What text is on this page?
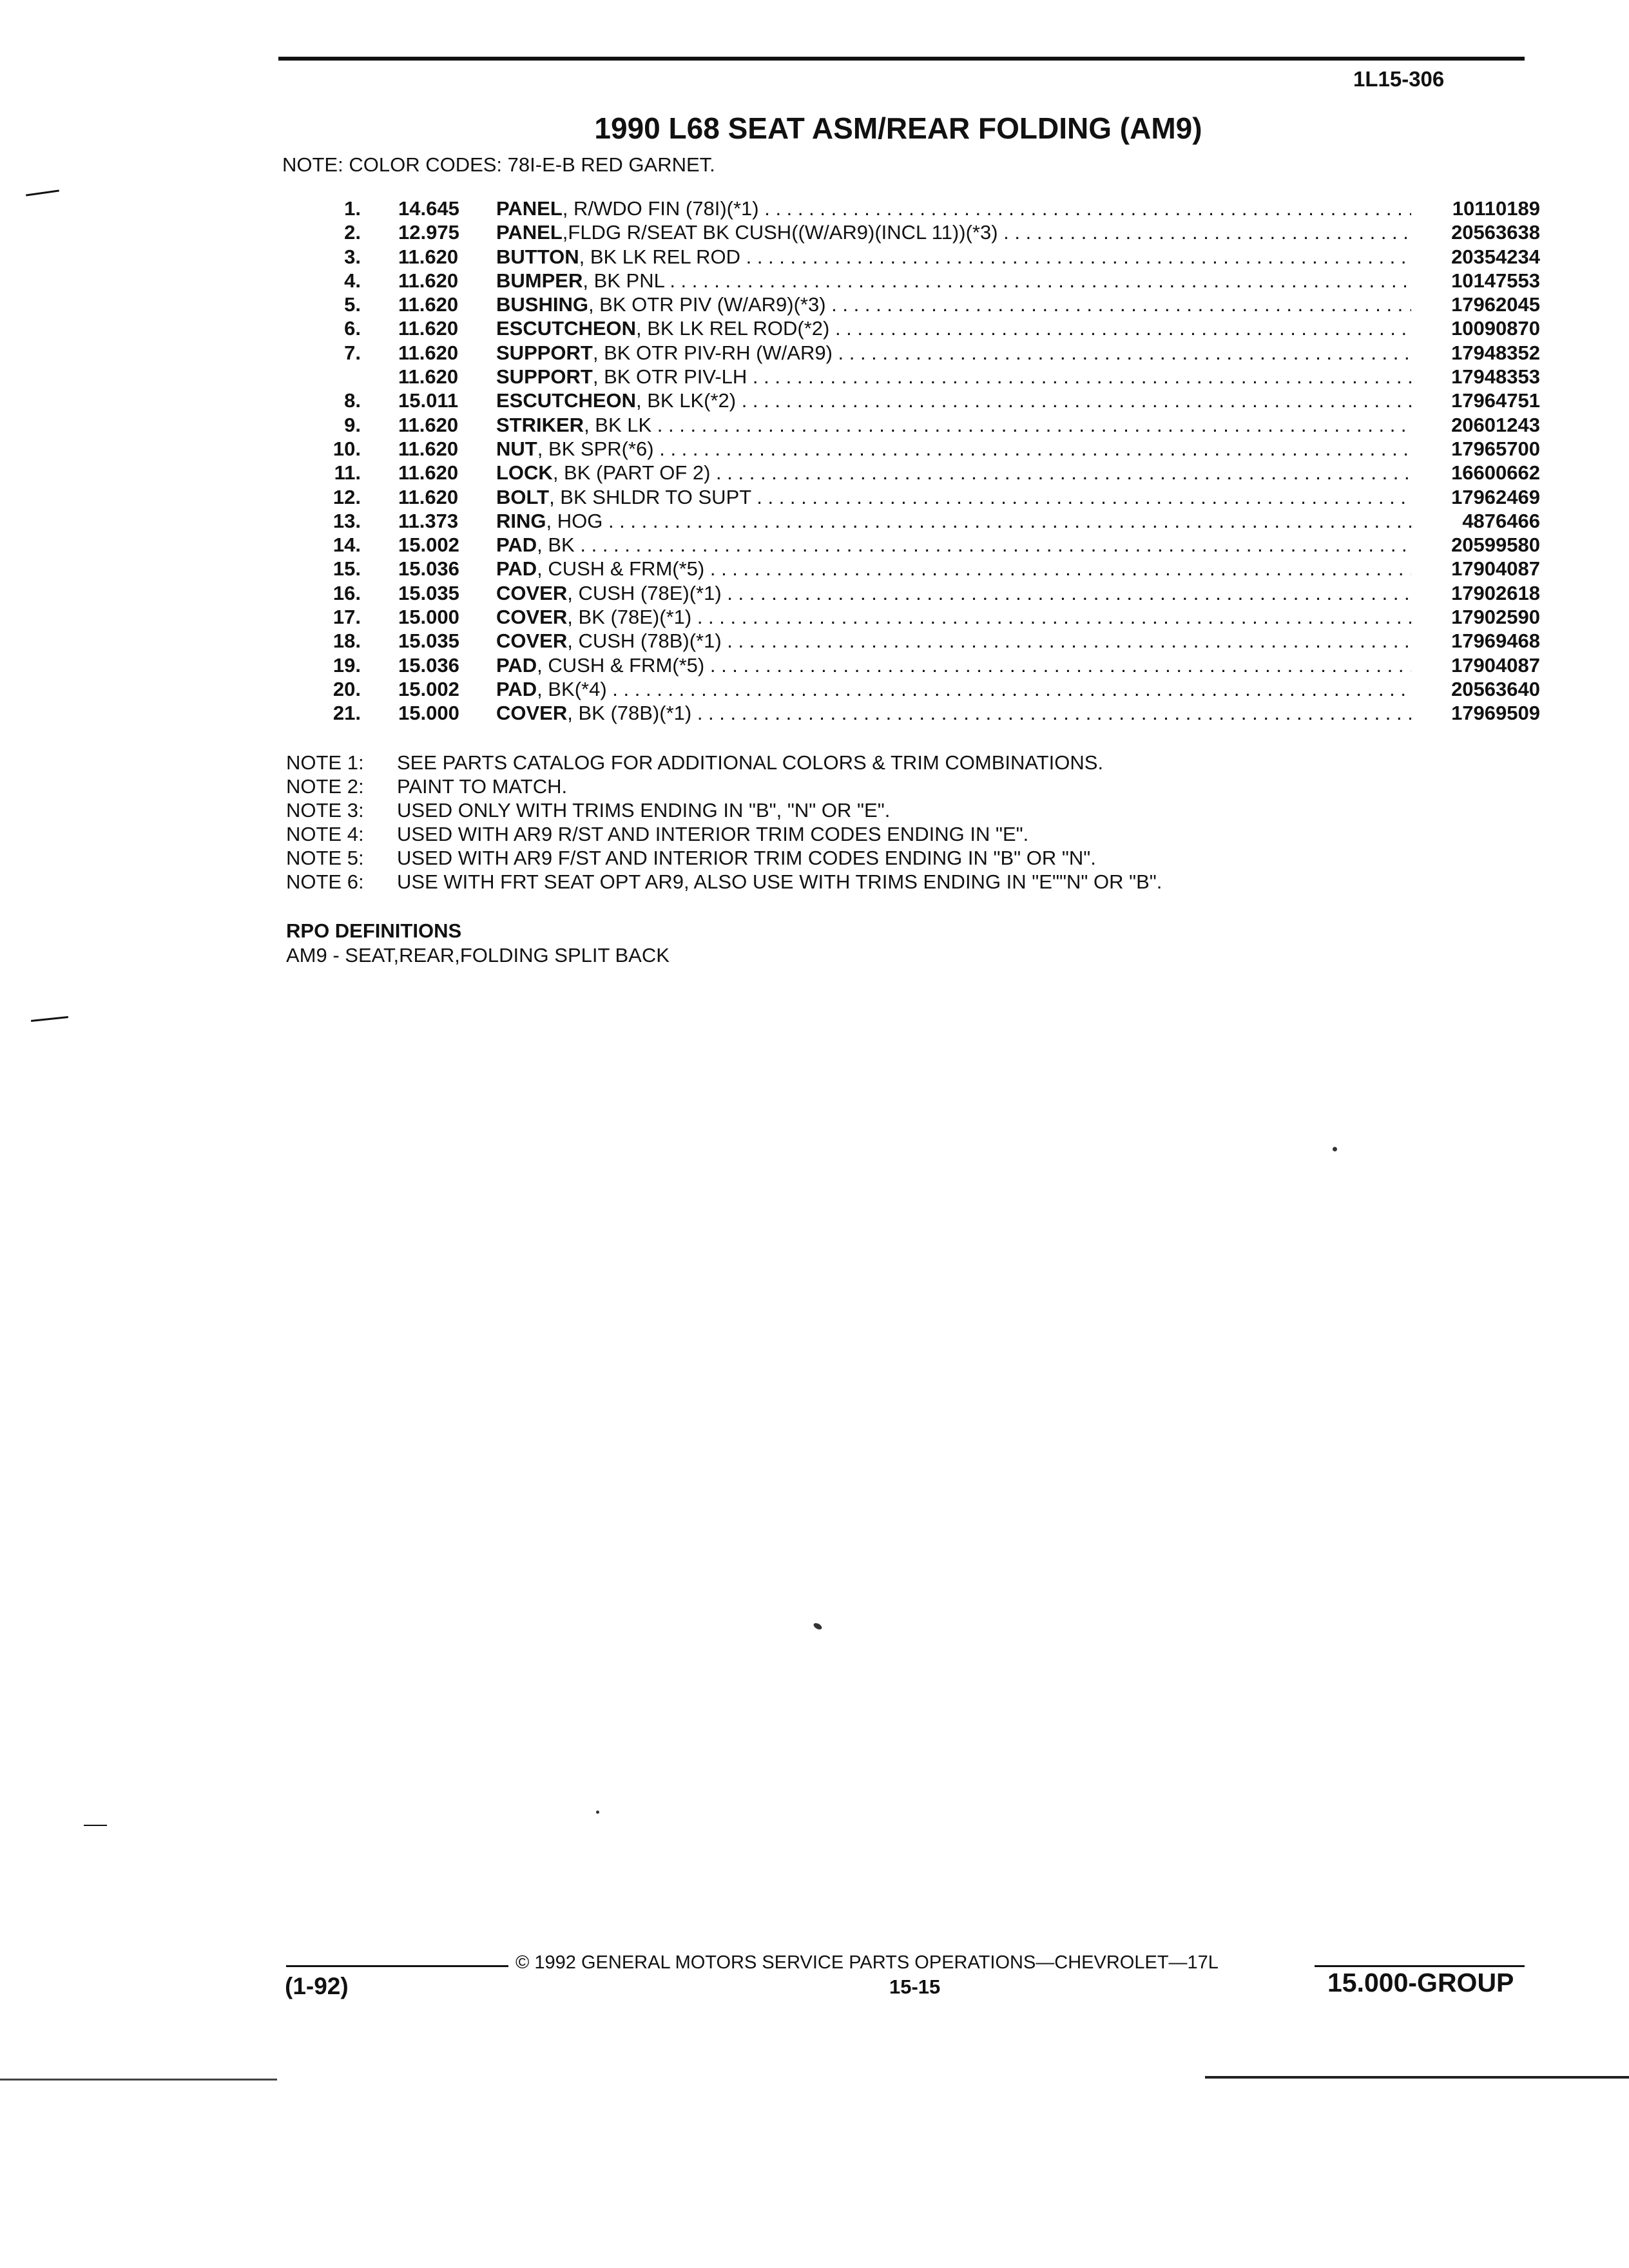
1L15-306
1990 L68 SEAT ASM/REAR FOLDING (AM9)
NOTE: COLOR CODES: 78I-E-B RED GARNET.
1. 14.645 PANEL, R/WDO FIN (78I)(*1) . . .	10110189
2. 12.975 PANEL,FLDG R/SEAT BK CUSH((W/AR9)(INCL 11))(*3) . . .	20563638
3. 11.620 BUTTON, BK LK REL ROD . . .	20354234
4. 11.620 BUMPER, BK PNL . . .	10147553
5. 11.620 BUSHING, BK OTR PIV (W/AR9)(*3) . . .	17962045
6. 11.620 ESCUTCHEON, BK LK REL ROD(*2) . . .	10090870
7. 11.620 SUPPORT, BK OTR PIV-RH (W/AR9) . . .	17948352
11.620 SUPPORT, BK OTR PIV-LH . . .	17948353
8. 15.011 ESCUTCHEON, BK LK(*2) . . .	17964751
9. 11.620 STRIKER, BK LK . . .	20601243
10. 11.620 NUT, BK SPR(*6) . . .	17965700
11. 11.620 LOCK, BK (PART OF 2) . . .	16600662
12. 11.620 BOLT, BK SHLDR TO SUPT . . .	17962469
13. 11.373 RING, HOG . . .	4876466
14. 15.002 PAD, BK . . .	20599580
15. 15.036 PAD, CUSH & FRM(*5) . . .	17904087
16. 15.035 COVER, CUSH (78E)(*1) . . .	17902618
17. 15.000 COVER, BK (78E)(*1) . . .	17902590
18. 15.035 COVER, CUSH (78B)(*1) . . .	17969468
19. 15.036 PAD, CUSH & FRM(*5) . . .	17904087
20. 15.002 PAD, BK(*4) . . .	20563640
21. 15.000 COVER, BK (78B)(*1) . . .	17969509
NOTE 1: SEE PARTS CATALOG FOR ADDITIONAL COLORS & TRIM COMBINATIONS.
NOTE 2: PAINT TO MATCH.
NOTE 3: USED ONLY WITH TRIMS ENDING IN "B", "N" OR "E".
NOTE 4: USED WITH AR9 R/ST AND INTERIOR TRIM CODES ENDING IN "E".
NOTE 5: USED WITH AR9 F/ST AND INTERIOR TRIM CODES ENDING IN "B" OR "N".
NOTE 6: USE WITH FRT SEAT OPT AR9, ALSO USE WITH TRIMS ENDING IN "E""N" OR "B".
RPO DEFINITIONS
AM9 - SEAT,REAR,FOLDING SPLIT BACK
© 1992 GENERAL MOTORS SERVICE PARTS OPERATIONS—CHEVROLET—17L
(1-92)	15-15	15.000-GROUP
